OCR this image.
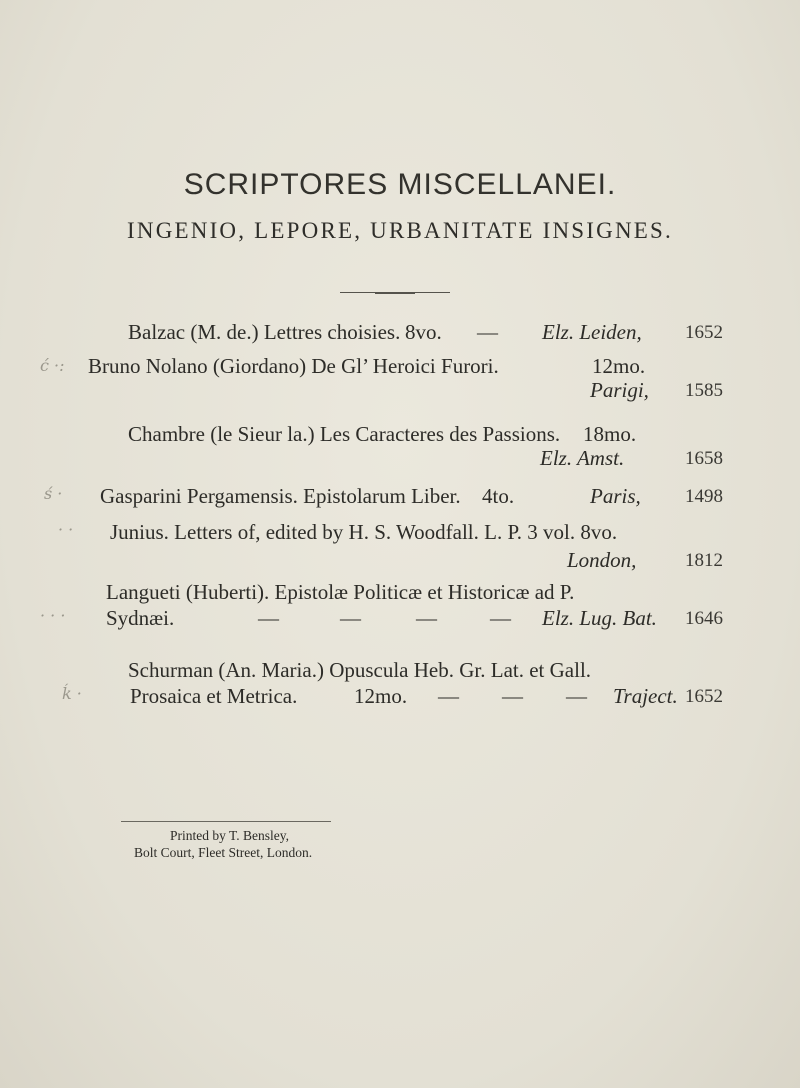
SCRIPTORES MISCELLANEI.
INGENIO, LEPORE, URBANITATE INSIGNES.
Balzac (M. de.) Lettres choisies. 8vo. — Elz. Leiden, 1652
Bruno Nolano (Giordano) De Gl’ Heroici Furori.	12mo.
Parigi, 1585
Chambre (le Sieur la.) Les Caracteres des Passions. 18mo.
Elz. Amst.	1658
Gasparini Pergamensis. Epistolarum Liber. 4to.	Paris, 1498
Junius. Letters of, edited by H. S. Woodfall. L. P. 3 vol. 8vo.
London,	1812
Langueti (Huberti). Epistolæ Politicæ et Historicæ ad P.
Sydnæi.	—	—	—	— Elz. Lug. Bat. 1646
Schurman (An. Maria.) Opuscula Heb. Gr. Lat. et Gall.
Prosaica et Metrica.	12mo. — — — Traject. 1652
ć ·:
ś ·
· ·
· · ·
ḱ ·
Printed by T. Bensley,
Bolt Court, Fleet Street, London.
